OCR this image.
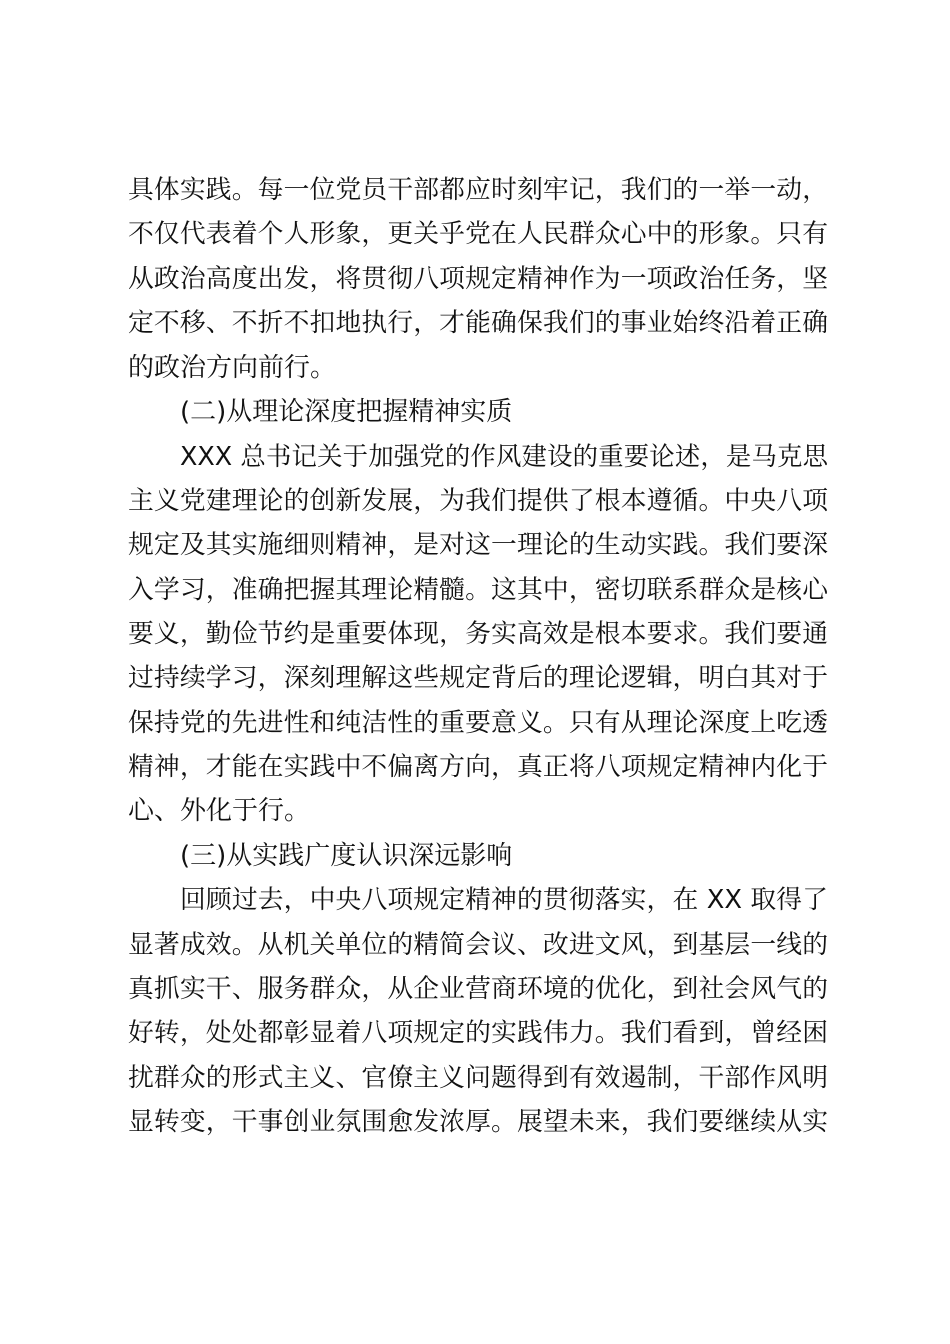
具体实践。每一位党员干部都应时刻牢记，我们的一举一动，
不仅代表着个人形象，更关乎党在人民群众心中的形象。只有
从政治高度出发，将贯彻八项规定精神作为一项政治任务，坚
定不移、不折不扣地执行，才能确保我们的事业始终沿着正确
的政治方向前行。
(二)从理论深度把握精神实质
XXX 总书记关于加强党的作风建设的重要论述，是马克思
主义党建理论的创新发展，为我们提供了根本遵循。中央八项
规定及其实施细则精神，是对这一理论的生动实践。我们要深
入学习，准确把握其理论精髓。这其中，密切联系群众是核心
要义，勤俭节约是重要体现，务实高效是根本要求。我们要通
过持续学习，深刻理解这些规定背后的理论逻辑，明白其对于
保持党的先进性和纯洁性的重要意义。只有从理论深度上吃透
精神，才能在实践中不偏离方向，真正将八项规定精神内化于
心、外化于行。
(三)从实践广度认识深远影响
回顾过去，中央八项规定精神的贯彻落实，在 XX 取得了
显著成效。从机关单位的精简会议、改进文风，到基层一线的
真抓实干、服务群众，从企业营商环境的优化，到社会风气的
好转，处处都彰显着八项规定的实践伟力。我们看到，曾经困
扰群众的形式主义、官僚主义问题得到有效遏制，干部作风明
显转变，干事创业氛围愈发浓厚。展望未来，我们要继续从实
